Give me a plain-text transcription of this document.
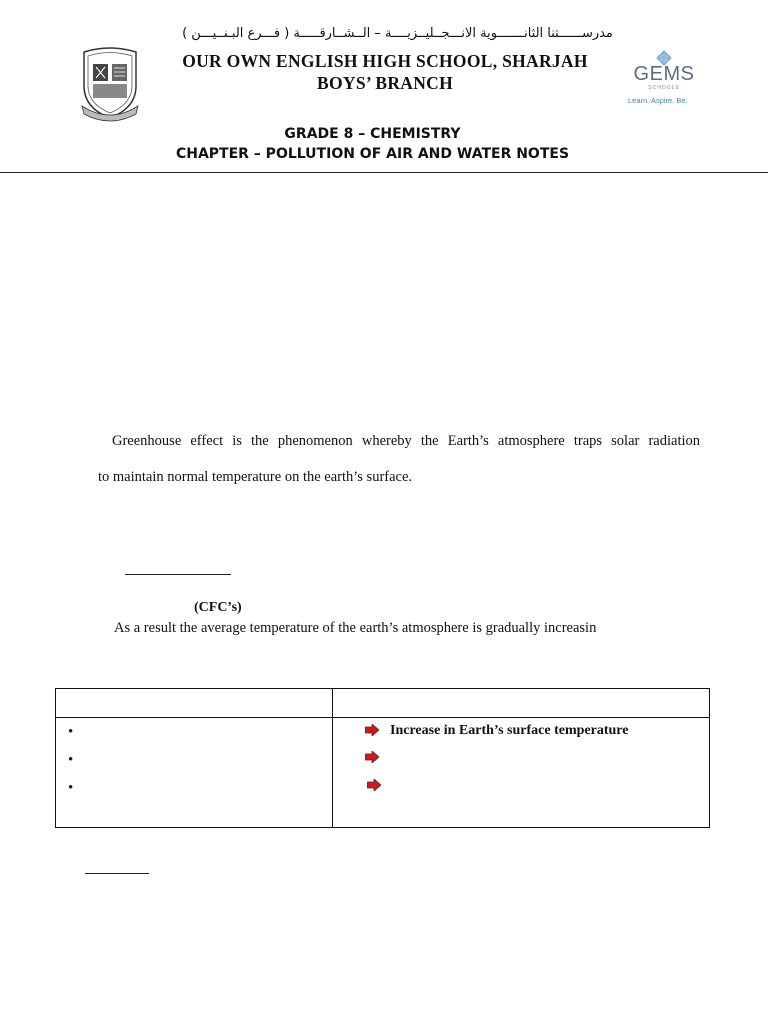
مدرســــــتنا الثانـــــــوية الانـــجــليــزيــــة – الــشــارقـــــة ( فـــرع البـنــيـــن )
OUR OWN ENGLISH HIGH SCHOOL, SHARJAH
BOYS’ BRANCH	GEMS
SCHOOLS
Learn. Aspire. Be.
GRADE 8 – CHEMISTRY
CHAPTER – POLLUTION OF AIR AND WATER NOTES
Greenhouse effect is the phenomenon whereby the Earth’s atmosphere traps solar radiation
to maintain normal temperature on the earth’s surface.
(CFC’s)
As a result the average temperature of the earth’s atmosphere is gradually increasin
•
•
•
Increase in Earth’s surface temperature
